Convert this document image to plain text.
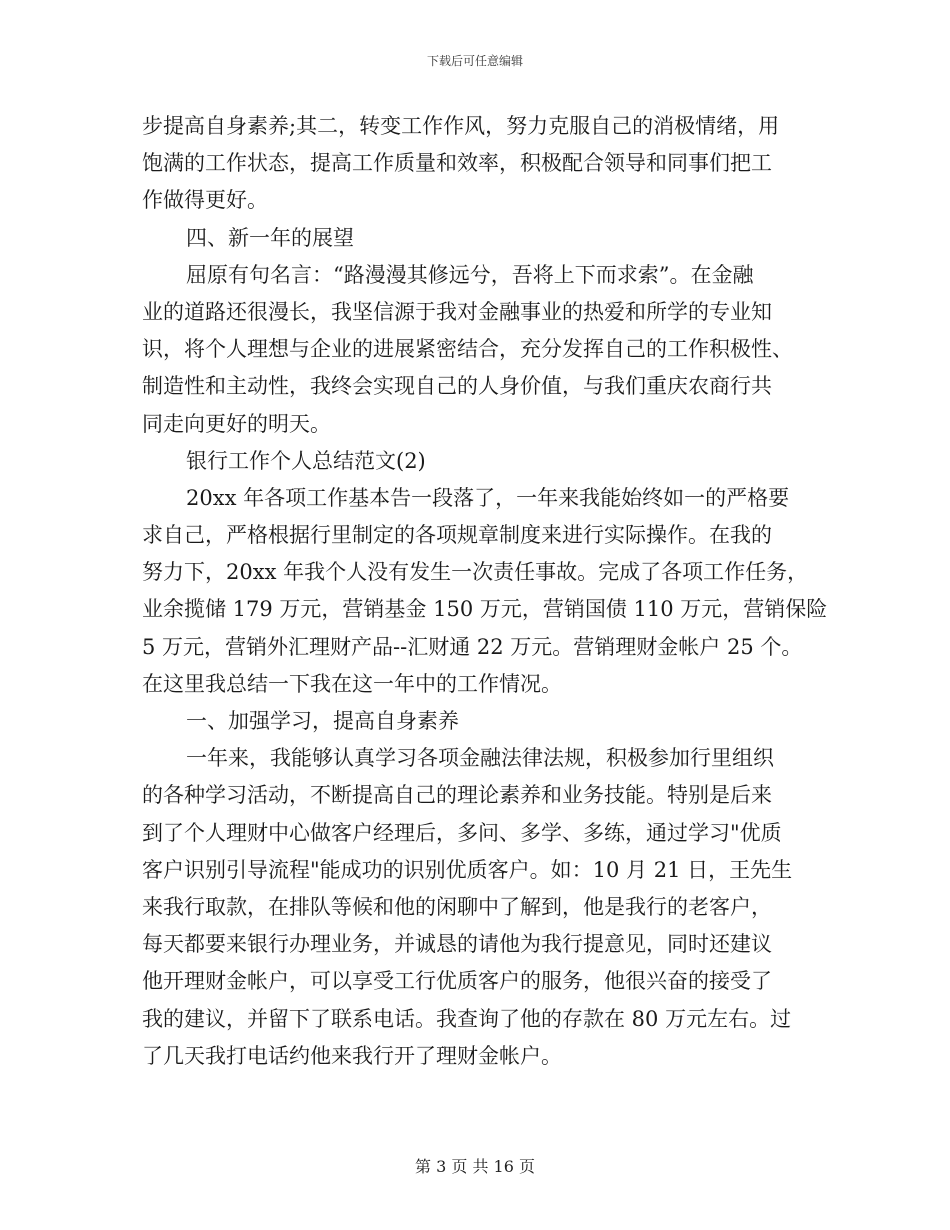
下载后可任意编辑
步提高自身素养;其二，转变工作作风，努力克服自己的消极情绪，用
饱满的工作状态，提高工作质量和效率，积极配合领导和同事们把工
作做得更好。
四、新一年的展望
屈原有句名言：“路漫漫其修远兮，吾将上下而求索”。在金融
业的道路还很漫长，我坚信源于我对金融事业的热爱和所学的专业知
识，将个人理想与企业的进展紧密结合，充分发挥自己的工作积极性、
制造性和主动性，我终会实现自己的人身价值，与我们重庆农商行共
同走向更好的明天。
银行工作个人总结范文(2)
20xx 年各项工作基本告一段落了，一年来我能始终如一的严格要
求自己，严格根据行里制定的各项规章制度来进行实际操作。在我的
努力下，20xx 年我个人没有发生一次责任事故。完成了各项工作任务，
业余揽储 179 万元，营销基金 150 万元，营销国债 110 万元，营销保险
5 万元，营销外汇理财产品--汇财通 22 万元。营销理财金帐户 25 个。
在这里我总结一下我在这一年中的工作情况。
一、加强学习，提高自身素养
一年来，我能够认真学习各项金融法律法规，积极参加行里组织
的各种学习活动，不断提高自己的理论素养和业务技能。特别是后来
到了个人理财中心做客户经理后，多问、多学、多练，通过学习"优质
客户识别引导流程"能成功的识别优质客户。如：10 月 21 日，王先生
来我行取款，在排队等候和他的闲聊中了解到，他是我行的老客户，
每天都要来银行办理业务，并诚恳的请他为我行提意见，同时还建议
他开理财金帐户，可以享受工行优质客户的服务，他很兴奋的接受了
我的建议，并留下了联系电话。我查询了他的存款在 80 万元左右。过
了几天我打电话约他来我行开了理财金帐户。
第 3 页 共 16 页
